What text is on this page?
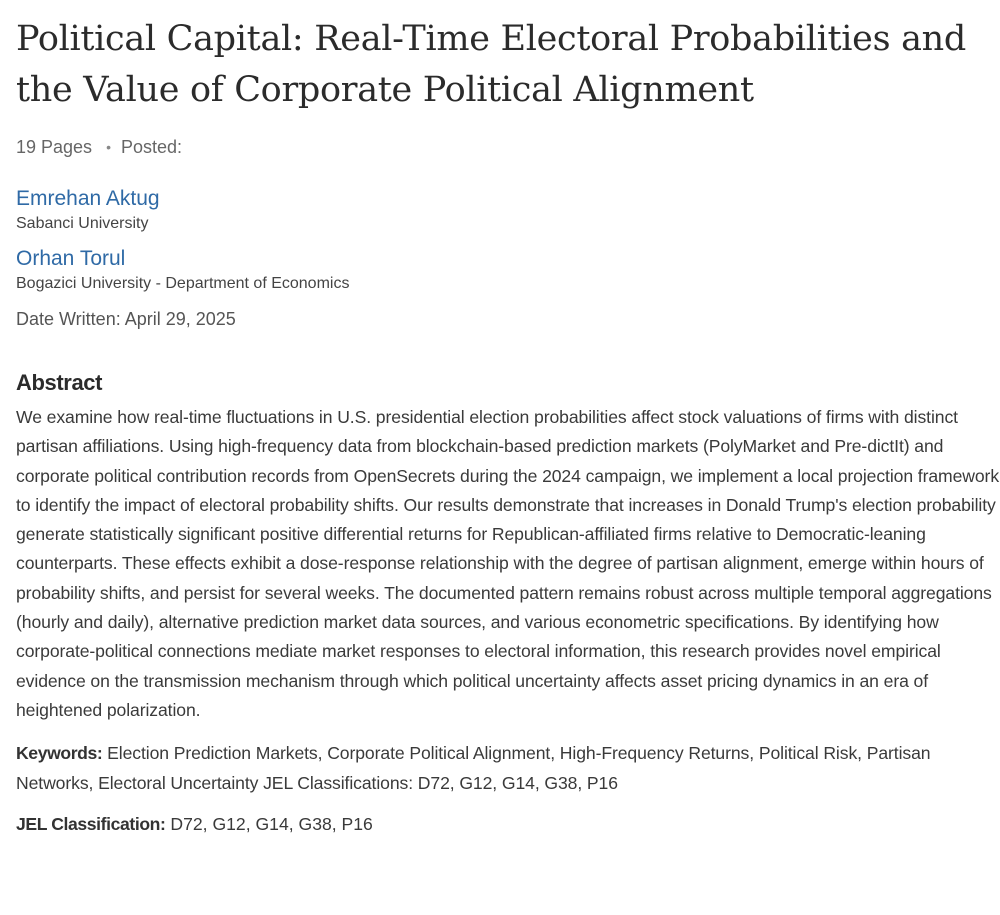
Political Capital: Real-Time Electoral Probabilities and the Value of Corporate Political Alignment
19 Pages • Posted:
Emrehan Aktug
Sabanci University
Orhan Torul
Bogazici University - Department of Economics
Date Written: April 29, 2025
Abstract
We examine how real-time fluctuations in U.S. presidential election probabilities affect stock valuations of firms with distinct partisan affiliations. Using high-frequency data from blockchain-based prediction markets (PolyMarket and Pre-dictIt) and corporate political contribution records from OpenSecrets during the 2024 campaign, we implement a local projection framework to identify the impact of electoral probability shifts. Our results demonstrate that increases in Donald Trump's election probability generate statistically significant positive differential returns for Republican-affiliated firms relative to Democratic-leaning counterparts. These effects exhibit a dose-response relationship with the degree of partisan alignment, emerge within hours of probability shifts, and persist for several weeks. The documented pattern remains robust across multiple temporal aggregations (hourly and daily), alternative prediction market data sources, and various econometric specifications. By identifying how corporate-political connections mediate market responses to electoral information, this research provides novel empirical evidence on the transmission mechanism through which political uncertainty affects asset pricing dynamics in an era of heightened polarization.
Keywords: Election Prediction Markets, Corporate Political Alignment, High-Frequency Returns, Political Risk, Partisan Networks, Electoral Uncertainty JEL Classifications: D72, G12, G14, G38, P16
JEL Classification: D72, G12, G14, G38, P16
